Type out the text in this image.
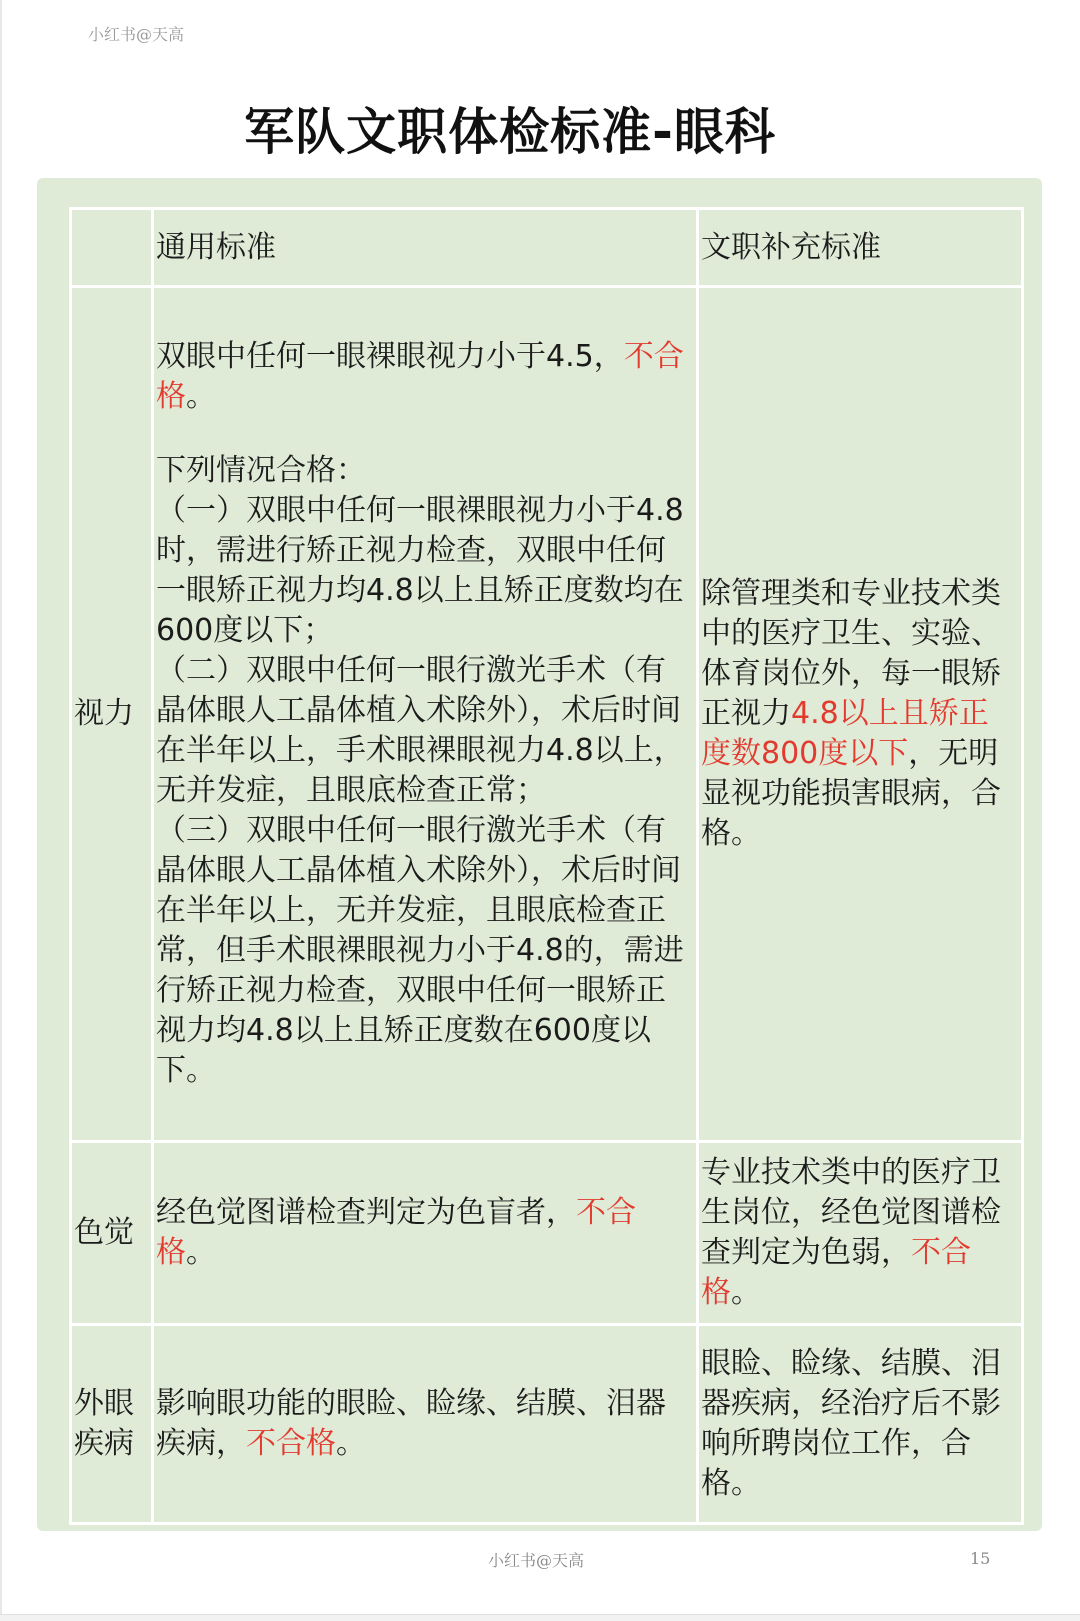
小红书@天高
军队文职体检标准-眼科
	通用标准	文职补充标准
视力	双眼中任何一眼裸眼视力小于4.5，不合格。
下列情况合格：
（一）双眼中任何一眼裸眼视力小于4.8时，需进行矫正视力检查，双眼中任何一眼矫正视力均4.8以上且矫正度数均在600度以下；
（二）双眼中任何一眼行激光手术（有晶体眼人工晶体植入术除外），术后时间在半年以上，手术眼裸眼视力4.8以上，无并发症，且眼底检查正常；
（三）双眼中任何一眼行激光手术（有晶体眼人工晶体植入术除外），术后时间在半年以上，无并发症，且眼底检查正常，但手术眼裸眼视力小于4.8的，需进行矫正视力检查，双眼中任何一眼矫正视力均4.8以上且矫正度数在600度以下。	除管理类和专业技术类中的医疗卫生、实验、体育岗位外，每一眼矫正视力4.8以上且矫正度数800度以下，无明显视功能损害眼病，合格。
色觉	经色觉图谱检查判定为色盲者，不合格。	专业技术类中的医疗卫生岗位，经色觉图谱检查判定为色弱，不合格。
外眼疾病	影响眼功能的眼睑、睑缘、结膜、泪器疾病，不合格。	眼睑、睑缘、结膜、泪器疾病，经治疗后不影响所聘岗位工作，合格。
小红书@天高	15
